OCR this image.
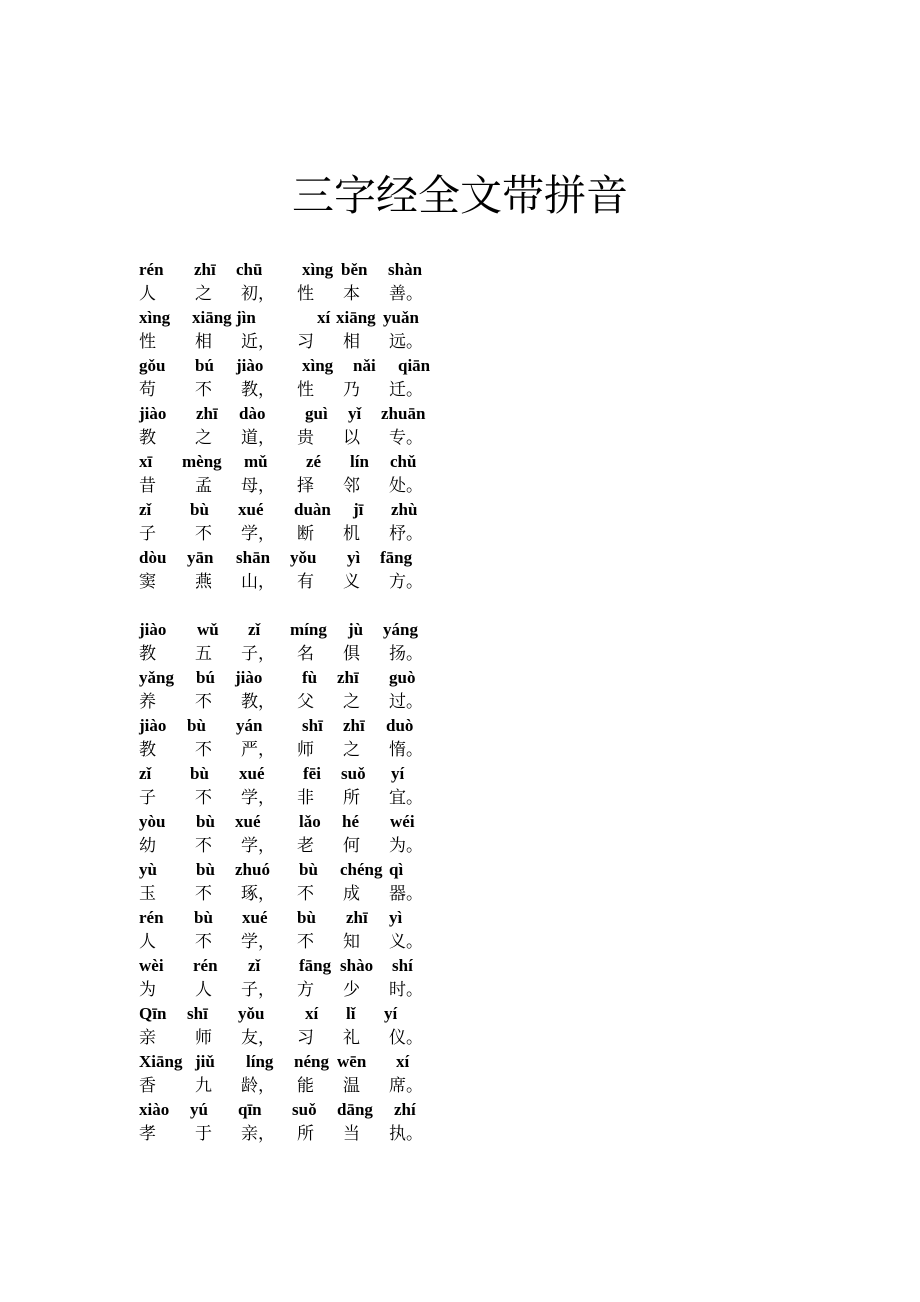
三字经全文带拼音
rén zhī chū xìng běn shàn
人 之 初， 性 本 善。
xìng xiāng jìn	xí xiāng yuǎn
性 相 近， 习 相 远。
gǒu bú jiào xìng nǎi qiān
苟 不 教， 性 乃 迁。
jiào zhī dào guì yǐ zhuān
教 之 道， 贵 以 专。
xī mèng mǔ zé lín chǔ
昔 孟 母， 择 邻 处。
zǐ bù xué duàn jī zhù
子 不 学， 断 机 杼。
dòu yān shān yǒu yì fāng
窦 燕 山， 有 义 方。
jiào wǔ zǐ míng jù yáng
教 五 子， 名 俱 扬。
yǎng bú jiào fù zhī guò
养 不 教， 父 之 过。
jiào bù yán shī zhī duò
教 不 严， 师 之 惰。
zǐ bù xué fēi suǒ yí
子 不 学， 非 所 宜。
yòu bù xué lǎo hé wéi
幼 不 学， 老 何 为。
yù bù zhuó bù chéng qì
玉 不 琢， 不 成 器。
rén bù xué bù zhī yì
人 不 学， 不 知 义。
wèi rén zǐ fāng shào shí
为 人 子， 方 少 时。
Qīn shī yǒu xí lǐ yí
亲 师 友， 习 礼 仪。
Xiāng jiǔ líng néng wēn xí
香 九 龄， 能 温 席。
xiào yú qīn suǒ dāng zhí
孝 于 亲， 所 当 执。
